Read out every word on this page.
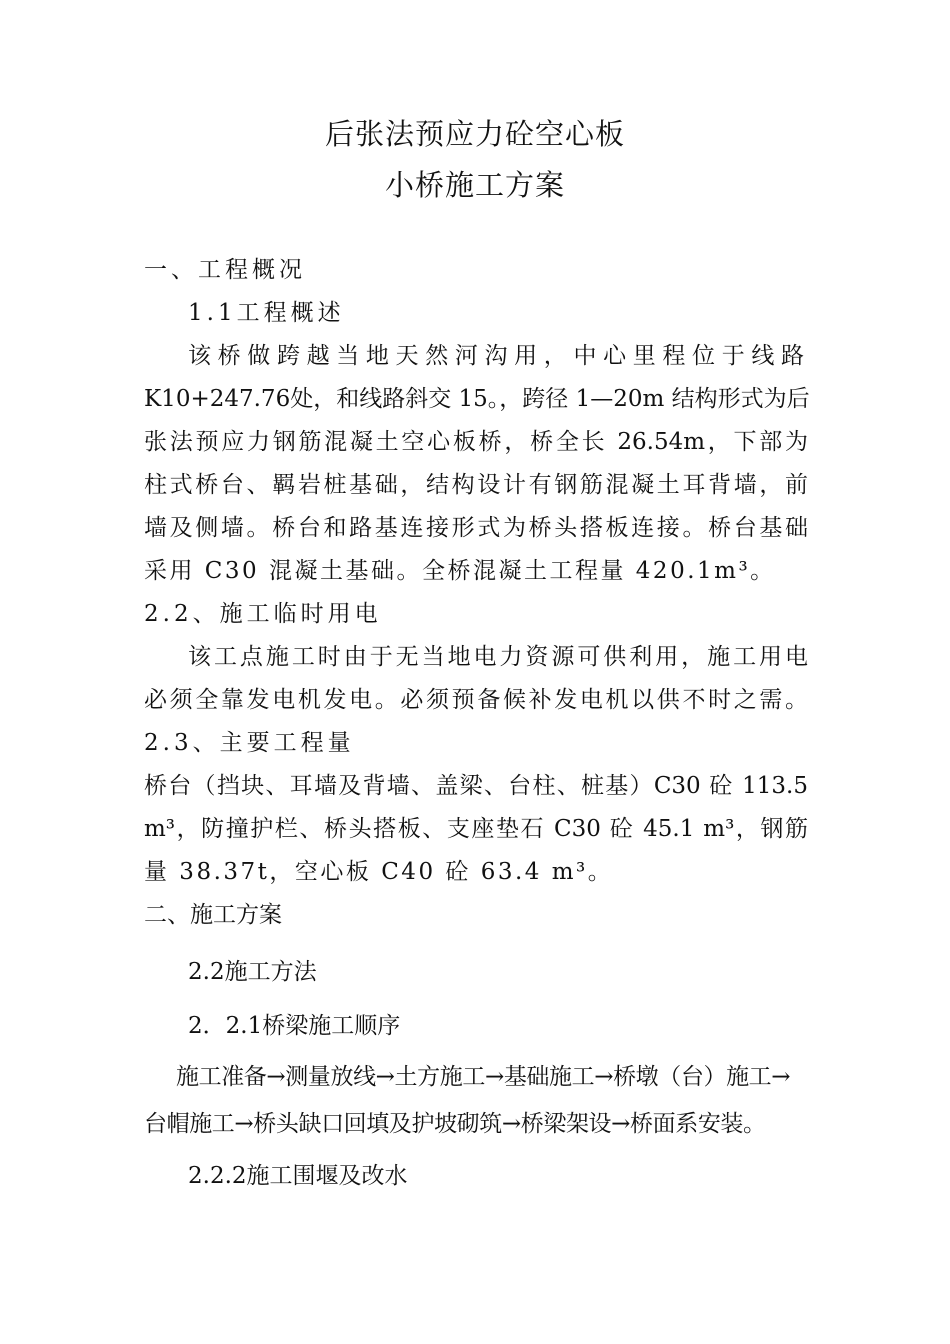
后张法预应力砼空心板
小桥施工方案
一、工程概况
1.1工程概述
该桥做跨越当地天然河沟用，中心里程位于线路
K10+247.76处，和线路斜交 15。，跨径 1—20m 结构形式为后
张法预应力钢筋混凝土空心板桥，桥全长 26.54m，下部为
柱式桥台、羁岩桩基础，结构设计有钢筋混凝土耳背墙，前
墙及侧墙。桥台和路基连接形式为桥头搭板连接。桥台基础
采用 C30 混凝土基础。全桥混凝土工程量 420.1m³。
2.2、施工临时用电
该工点施工时由于无当地电力资源可供利用，施工用电
必须全靠发电机发电。必须预备候补发电机以供不时之需。
2.3、主要工程量
桥台（挡块、耳墙及背墙、盖梁、台柱、桩基）C30 砼 113.5
m³，防撞护栏、桥头搭板、支座垫石 C30 砼 45.1 m³，钢筋
量 38.37t，空心板 C40 砼 63.4 m³。
二、施工方案
2.2施工方法
2．2.1桥梁施工顺序
施工准备→测量放线→土方施工→基础施工→桥墩（台）施工→
台帽施工→桥头缺口回填及护坡砌筑→桥梁架设→桥面系安装。
2.2.2施工围堰及改水
